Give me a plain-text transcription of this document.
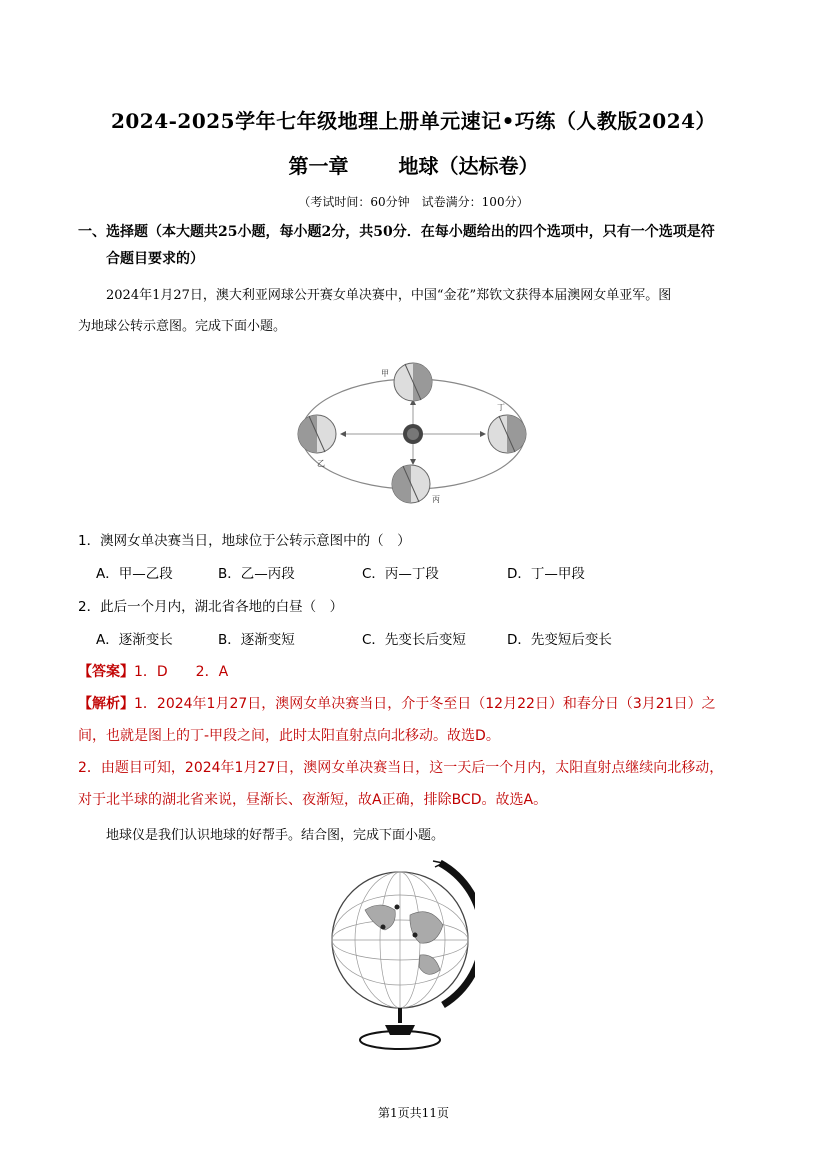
2024-2025学年七年级地理上册单元速记•巧练（人教版2024）
第一章	地球（达标卷）
（考试时间：60分钟　试卷满分：100分）
一、选择题（本大题共25小题，每小题2分，共50分．在每小题给出的四个选项中，只有一个选项是符
合题目要求的）
2024年1月27日，澳大利亚网球公开赛女单决赛中，中国“金花”郑钦文获得本届澳网女单亚军。图
为地球公转示意图。完成下面小题。
甲
乙
丙
丁
1．澳网女单决赛当日，地球位于公转示意图中的（　）
A．甲—乙段	B．乙—丙段	C．丙—丁段	D．丁—甲段
2．此后一个月内，湖北省各地的白昼（　）
A．逐渐变长	B．逐渐变短	C．先变长后变短	D．先变短后变长
【答案】1．D　　2．A
【解析】1．2024年1月27日，澳网女单决赛当日，介于冬至日（12月22日）和春分日（3月21日）之
间，也就是图上的丁-甲段之间，此时太阳直射点向北移动。故选D。
2．由题目可知，2024年1月27日，澳网女单决赛当日，这一天后一个月内，太阳直射点继续向北移动，
对于北半球的湖北省来说，昼渐长、夜渐短，故A正确，排除BCD。故选A。
地球仪是我们认识地球的好帮手。结合图，完成下面小题。
第1页共11页
